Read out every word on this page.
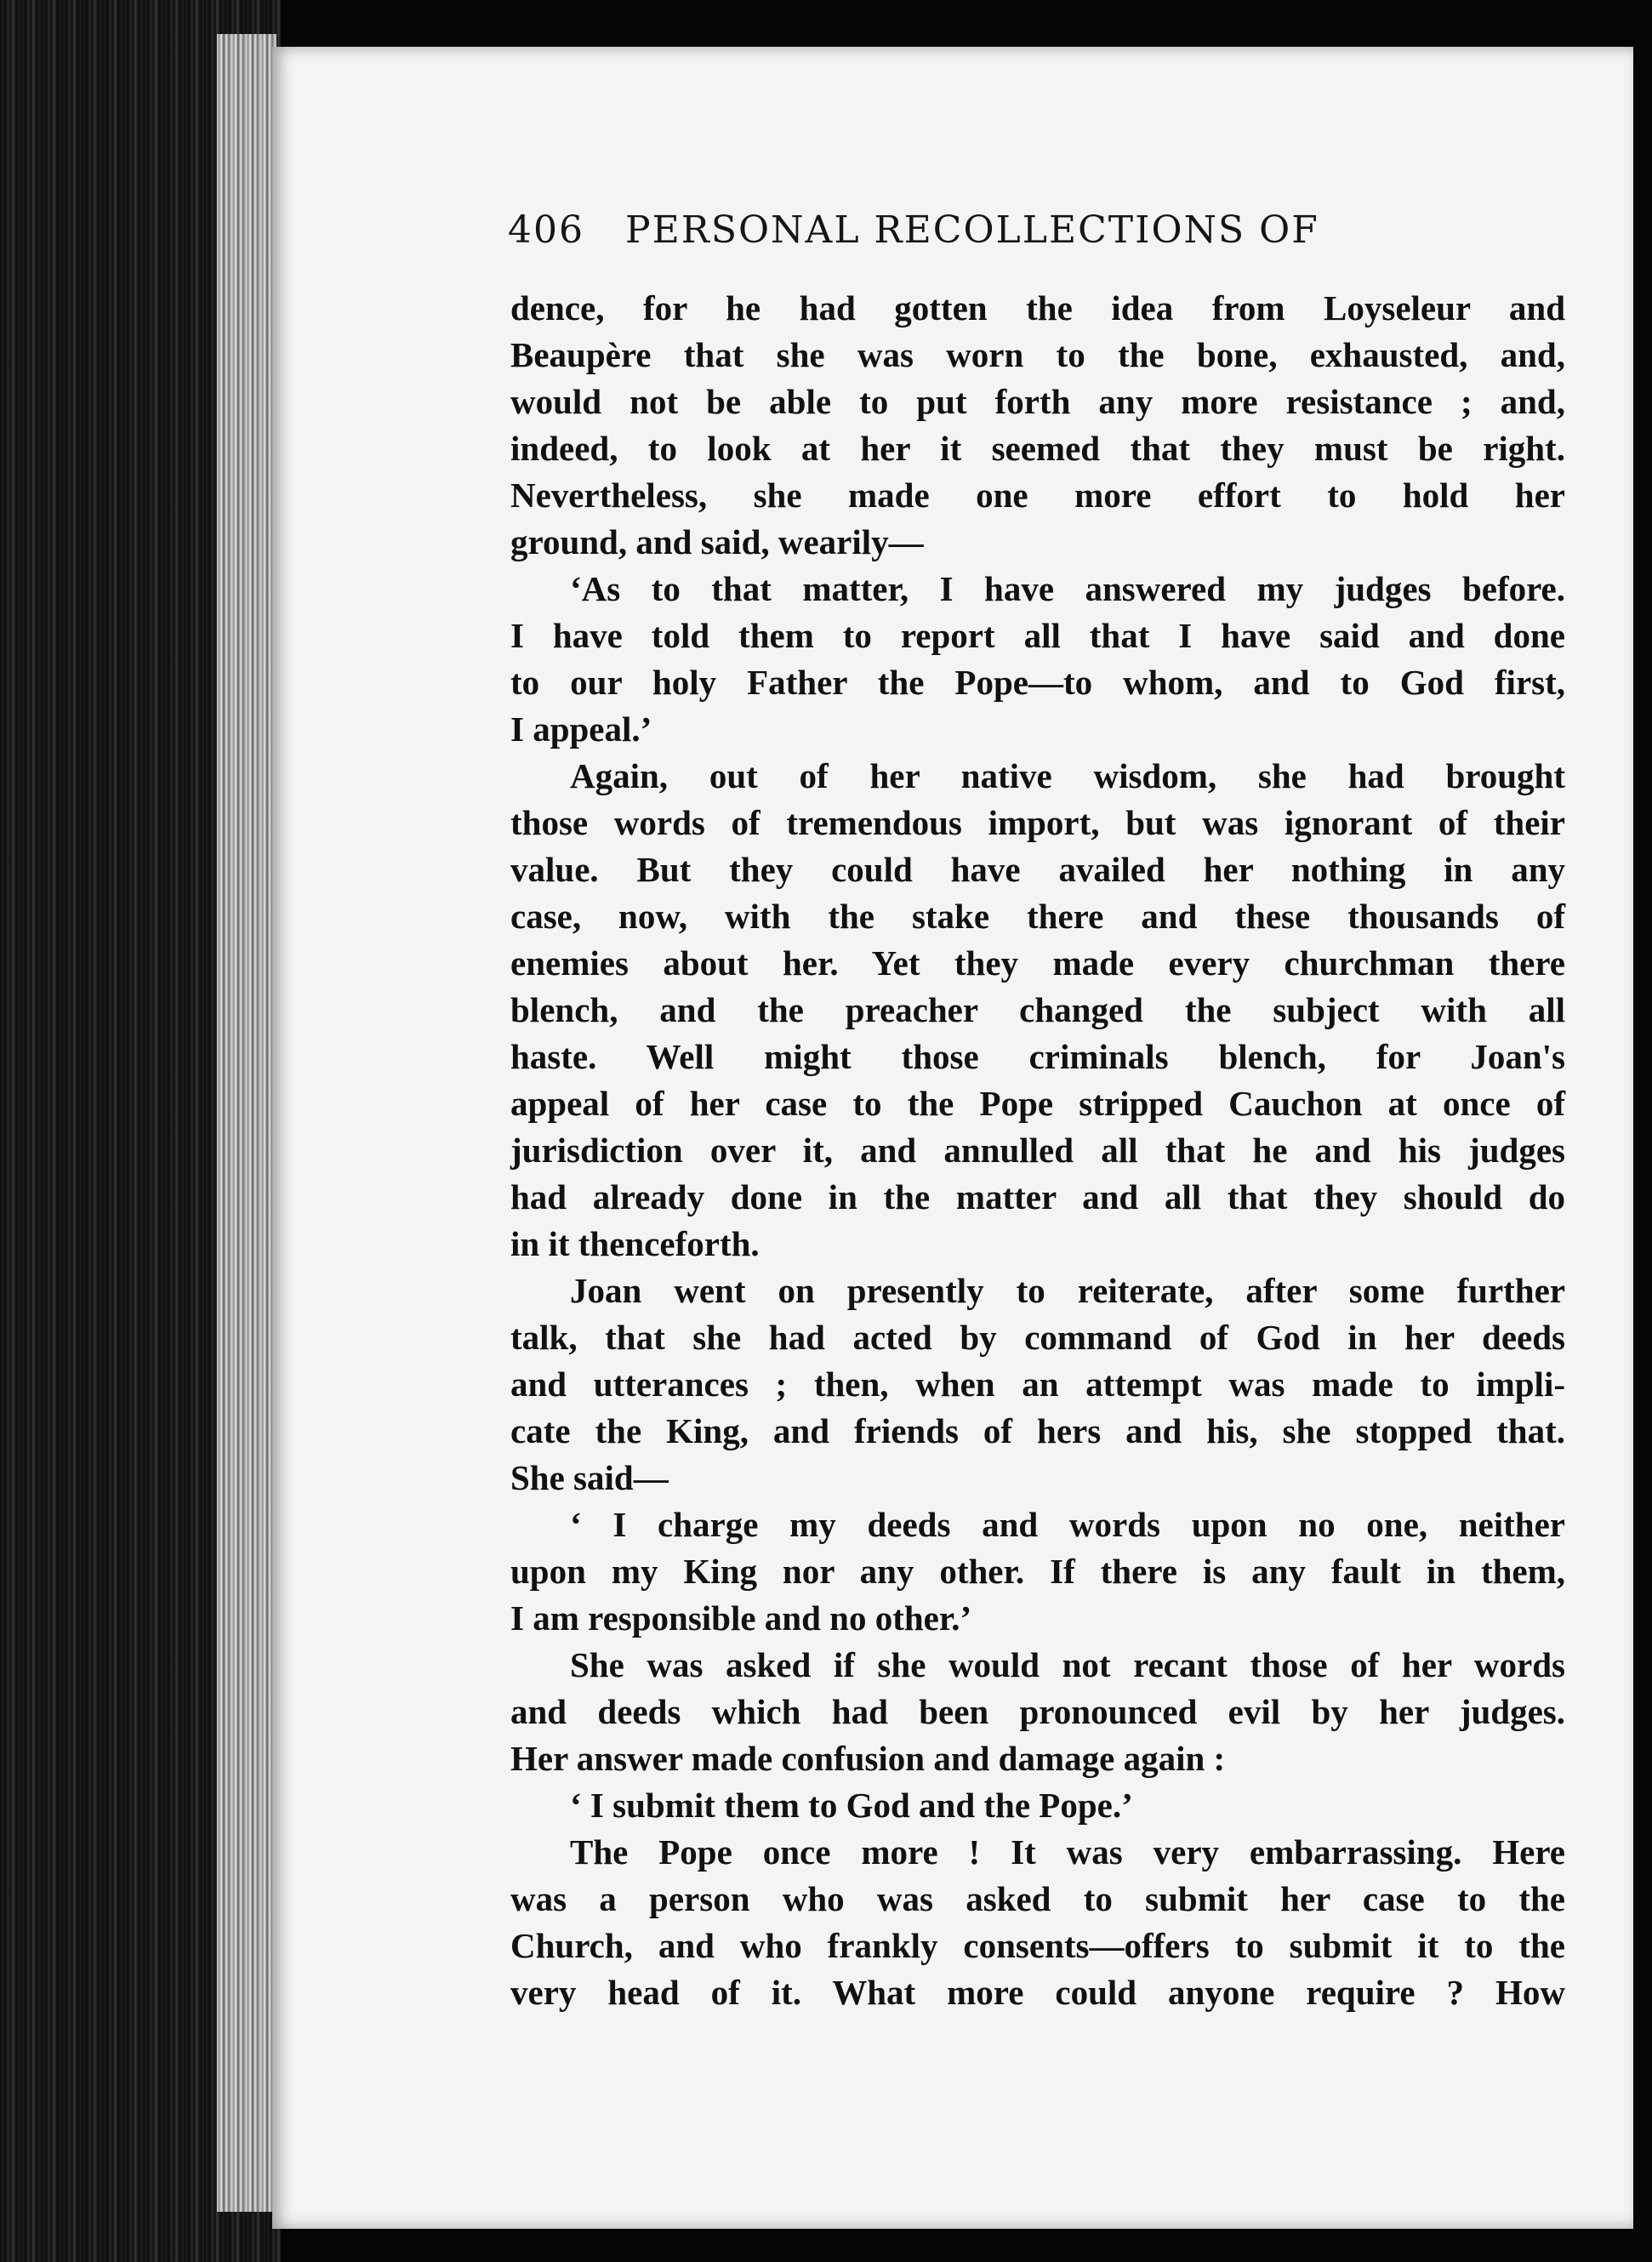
406 PERSONAL RECOLLECTIONS OF
dence, for he had gotten the idea from Loyseleur and
Beaupère that she was worn to the bone, exhausted, and,
would not be able to put forth any more resistance ; and,
indeed, to look at her it seemed that they must be right.
Nevertheless, she made one more effort to hold her
ground, and said, wearily—
‘As to that matter, I have answered my judges before.
I have told them to report all that I have said and done
to our holy Father the Pope—to whom, and to God first,
I appeal.’
Again, out of her native wisdom, she had brought
those words of tremendous import, but was ignorant of their
value. But they could have availed her nothing in any
case, now, with the stake there and these thousands of
enemies about her. Yet they made every churchman there
blench, and the preacher changed the subject with all
haste. Well might those criminals blench, for Joan's
appeal of her case to the Pope stripped Cauchon at once of
jurisdiction over it, and annulled all that he and his judges
had already done in the matter and all that they should do
in it thenceforth.
Joan went on presently to reiterate, after some further
talk, that she had acted by command of God in her deeds
and utterances ; then, when an attempt was made to impli-
cate the King, and friends of hers and his, she stopped that.
She said—
‘ I charge my deeds and words upon no one, neither
upon my King nor any other. If there is any fault in them,
I am responsible and no other.’
She was asked if she would not recant those of her words
and deeds which had been pronounced evil by her judges.
Her answer made confusion and damage again :
‘ I submit them to God and the Pope.’
The Pope once more ! It was very embarrassing. Here
was a person who was asked to submit her case to the
Church, and who frankly consents—offers to submit it to the
very head of it. What more could anyone require ? How
